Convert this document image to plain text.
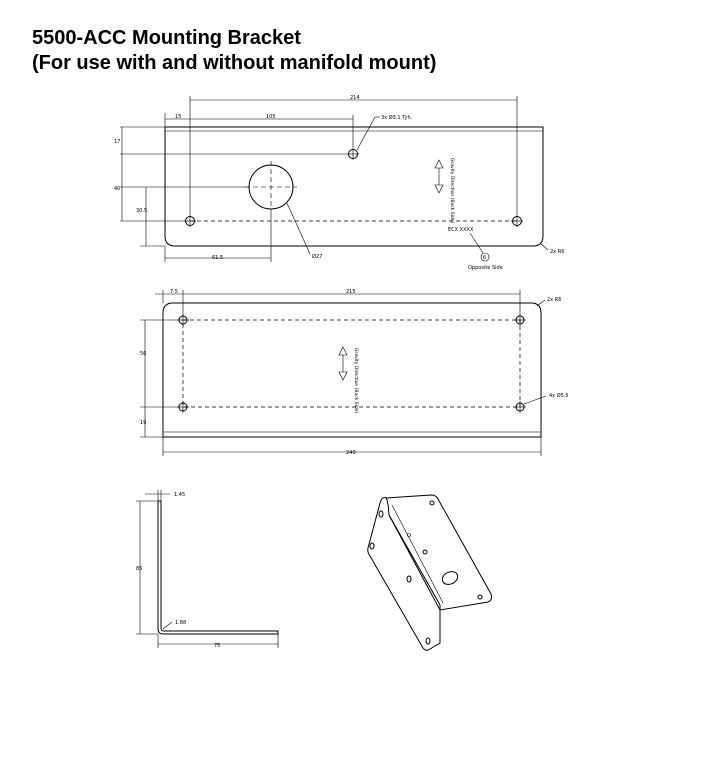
5500-ACC Mounting Bracket
(For use with and without manifold mount)
214
15	105	3x Ø3.1 Tyh.
17
40
30.5
61.5	Ø27
2x R6
ECX XXXX
6
Opposite Side
Gravity Direction (Back Side)
7.5	215
2x R6
4x Ø5.5
56
19
240
Gravity Direction (Back Side)
1.45
85
1.88
75
